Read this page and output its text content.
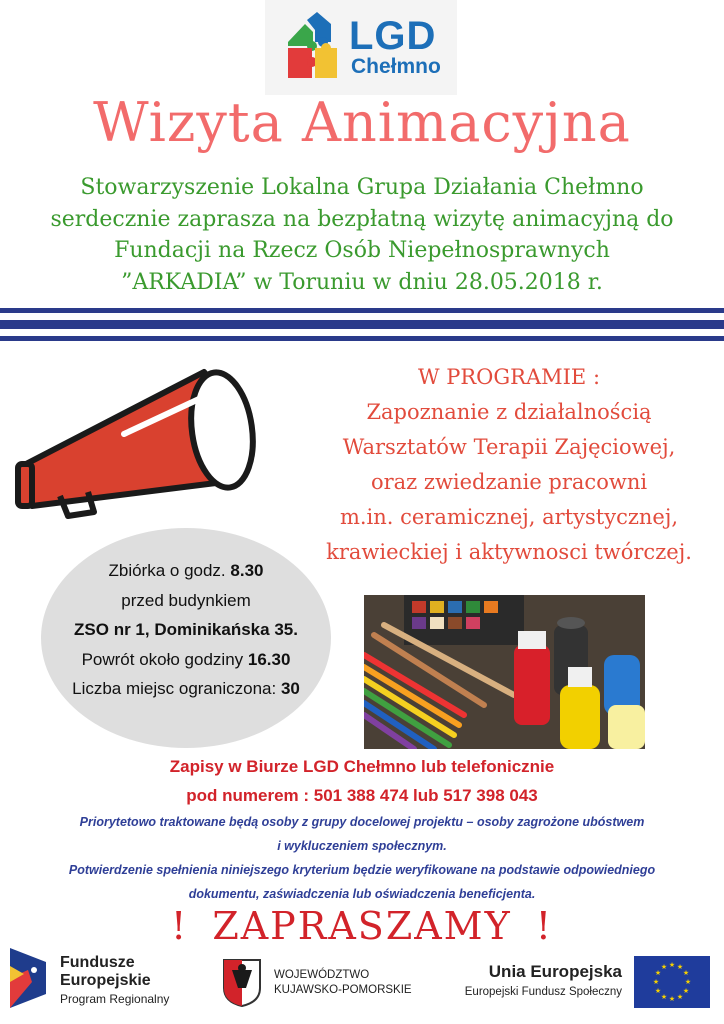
LGD
Chełmno
Wizyta Animacyjna
Stowarzyszenie Lokalna Grupa Działania Chełmno
serdecznie zaprasza na bezpłatną wizytę animacyjną do
Fundacji na Rzecz Osób Niepełnosprawnych
”ARKADIA” w Toruniu w dniu 28.05.2018 r.
W PROGRAMIE :
Zapoznanie z działalnością
Warsztatów Terapii Zajęciowej,
oraz zwiedzanie pracowni
m.in. ceramicznej, artystycznej,
krawieckiej i aktywnosci twórczej.
Zbiórka o godz. 8.30
przed budynkiem
ZSO nr 1, Dominikańska 35.
Powrót około godziny 16.30
Liczba miejsc ograniczona: 30
Zapisy w Biurze LGD Chełmno lub telefonicznie
pod numerem : 501 388 474 lub 517 398 043
Priorytetowo traktowane będą osoby z grupy docelowej projektu – osoby zagrożone ubóstwem
i wykluczeniem społecznym.
Potwierdzenie spełnienia niniejszego kryterium będzie weryfikowane na podstawie odpowiedniego
dokumentu, zaświadczenia lub oświadczenia beneficjenta.
! ZAPRASZAMY !
Fundusze
Europejskie
Program Regionalny
WOJEWÓDZTWO
KUJAWSKO-POMORSKIE
Unia Europejska
Europejski Fundusz Społeczny
★ ★
★
★
★
★
★
★
★
★
★
★
